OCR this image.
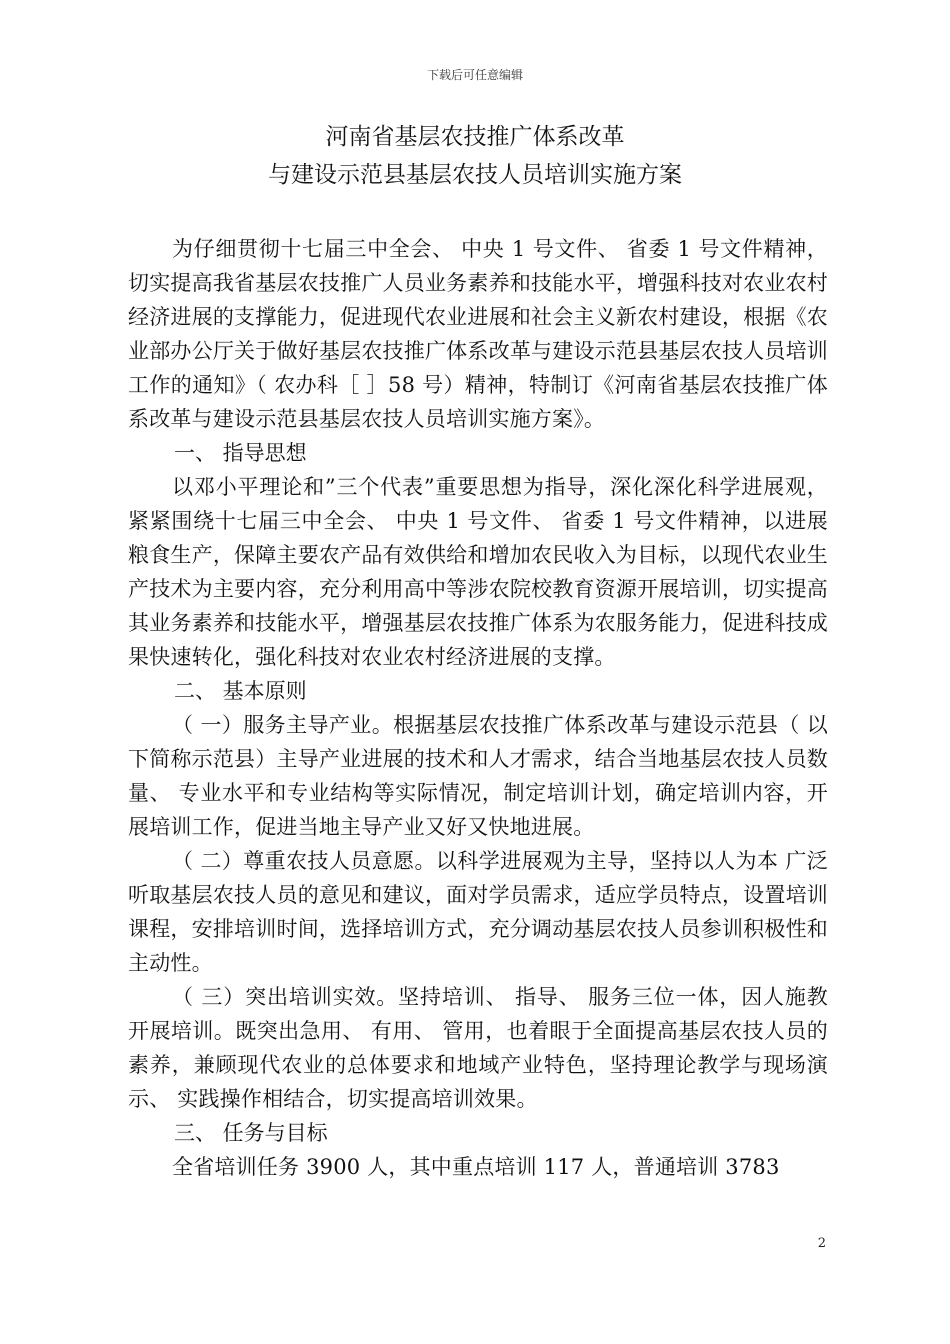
下载后可任意编辑
河南省基层农技推广体系改革
与建设示范县基层农技人员培训实施方案

为仔细贯彻十七届三中全会、 中央 1 号文件、 省委 1 号文件精神，切实提高我省基层农技推广人员业务素养和技能水平，增强科技对农业农村经济进展的支撑能力，促进现代农业进展和社会主义新农村建设，根据《农业部办公厅关于做好基层农技推广体系改革与建设示范县基层农技人员培训工作的通知》（ 农办科［ ］58 号）精神，特制订《河南省基层农技推广体系改革与建设示范县基层农技人员培训实施方案》。

一、 指导思想

以邓小平理论和”三个代表”重要思想为指导，深化深化科学进展观，紧紧围绕十七届三中全会、 中央 1 号文件、 省委 1 号文件精神，以进展粮食生产，保障主要农产品有效供给和增加农民收入为目标，以现代农业生产技术为主要内容，充分利用高中等涉农院校教育资源开展培训，切实提高其业务素养和技能水平，增强基层农技推广体系为农服务能力，促进科技成果快速转化，强化科技对农业农村经济进展的支撑。

二、 基本原则

（ 一）服务主导产业。根据基层农技推广体系改革与建设示范县（ 以下简称示范县）主导产业进展的技术和人才需求，结合当地基层农技人员数量、 专业水平和专业结构等实际情况，制定培训计划，确定培训内容，开展培训工作，促进当地主导产业又好又快地进展。

（ 二）尊重农技人员意愿。以科学进展观为主导，坚持以人为本 广泛听取基层农技人员的意见和建议，面对学员需求，适应学员特点，设置培训课程，安排培训时间，选择培训方式，充分调动基层农技人员参训积极性和主动性。

（ 三）突出培训实效。坚持培训、 指导、 服务三位一体，因人施教开展培训。既突出急用、 有用、 管用，也着眼于全面提高基层农技人员的素养，兼顾现代农业的总体要求和地域产业特色，坚持理论教学与现场演示、 实践操作相结合，切实提高培训效果。

三、 任务与目标

全省培训任务 3900 人，其中重点培训 117 人，普通培训 3783

2
